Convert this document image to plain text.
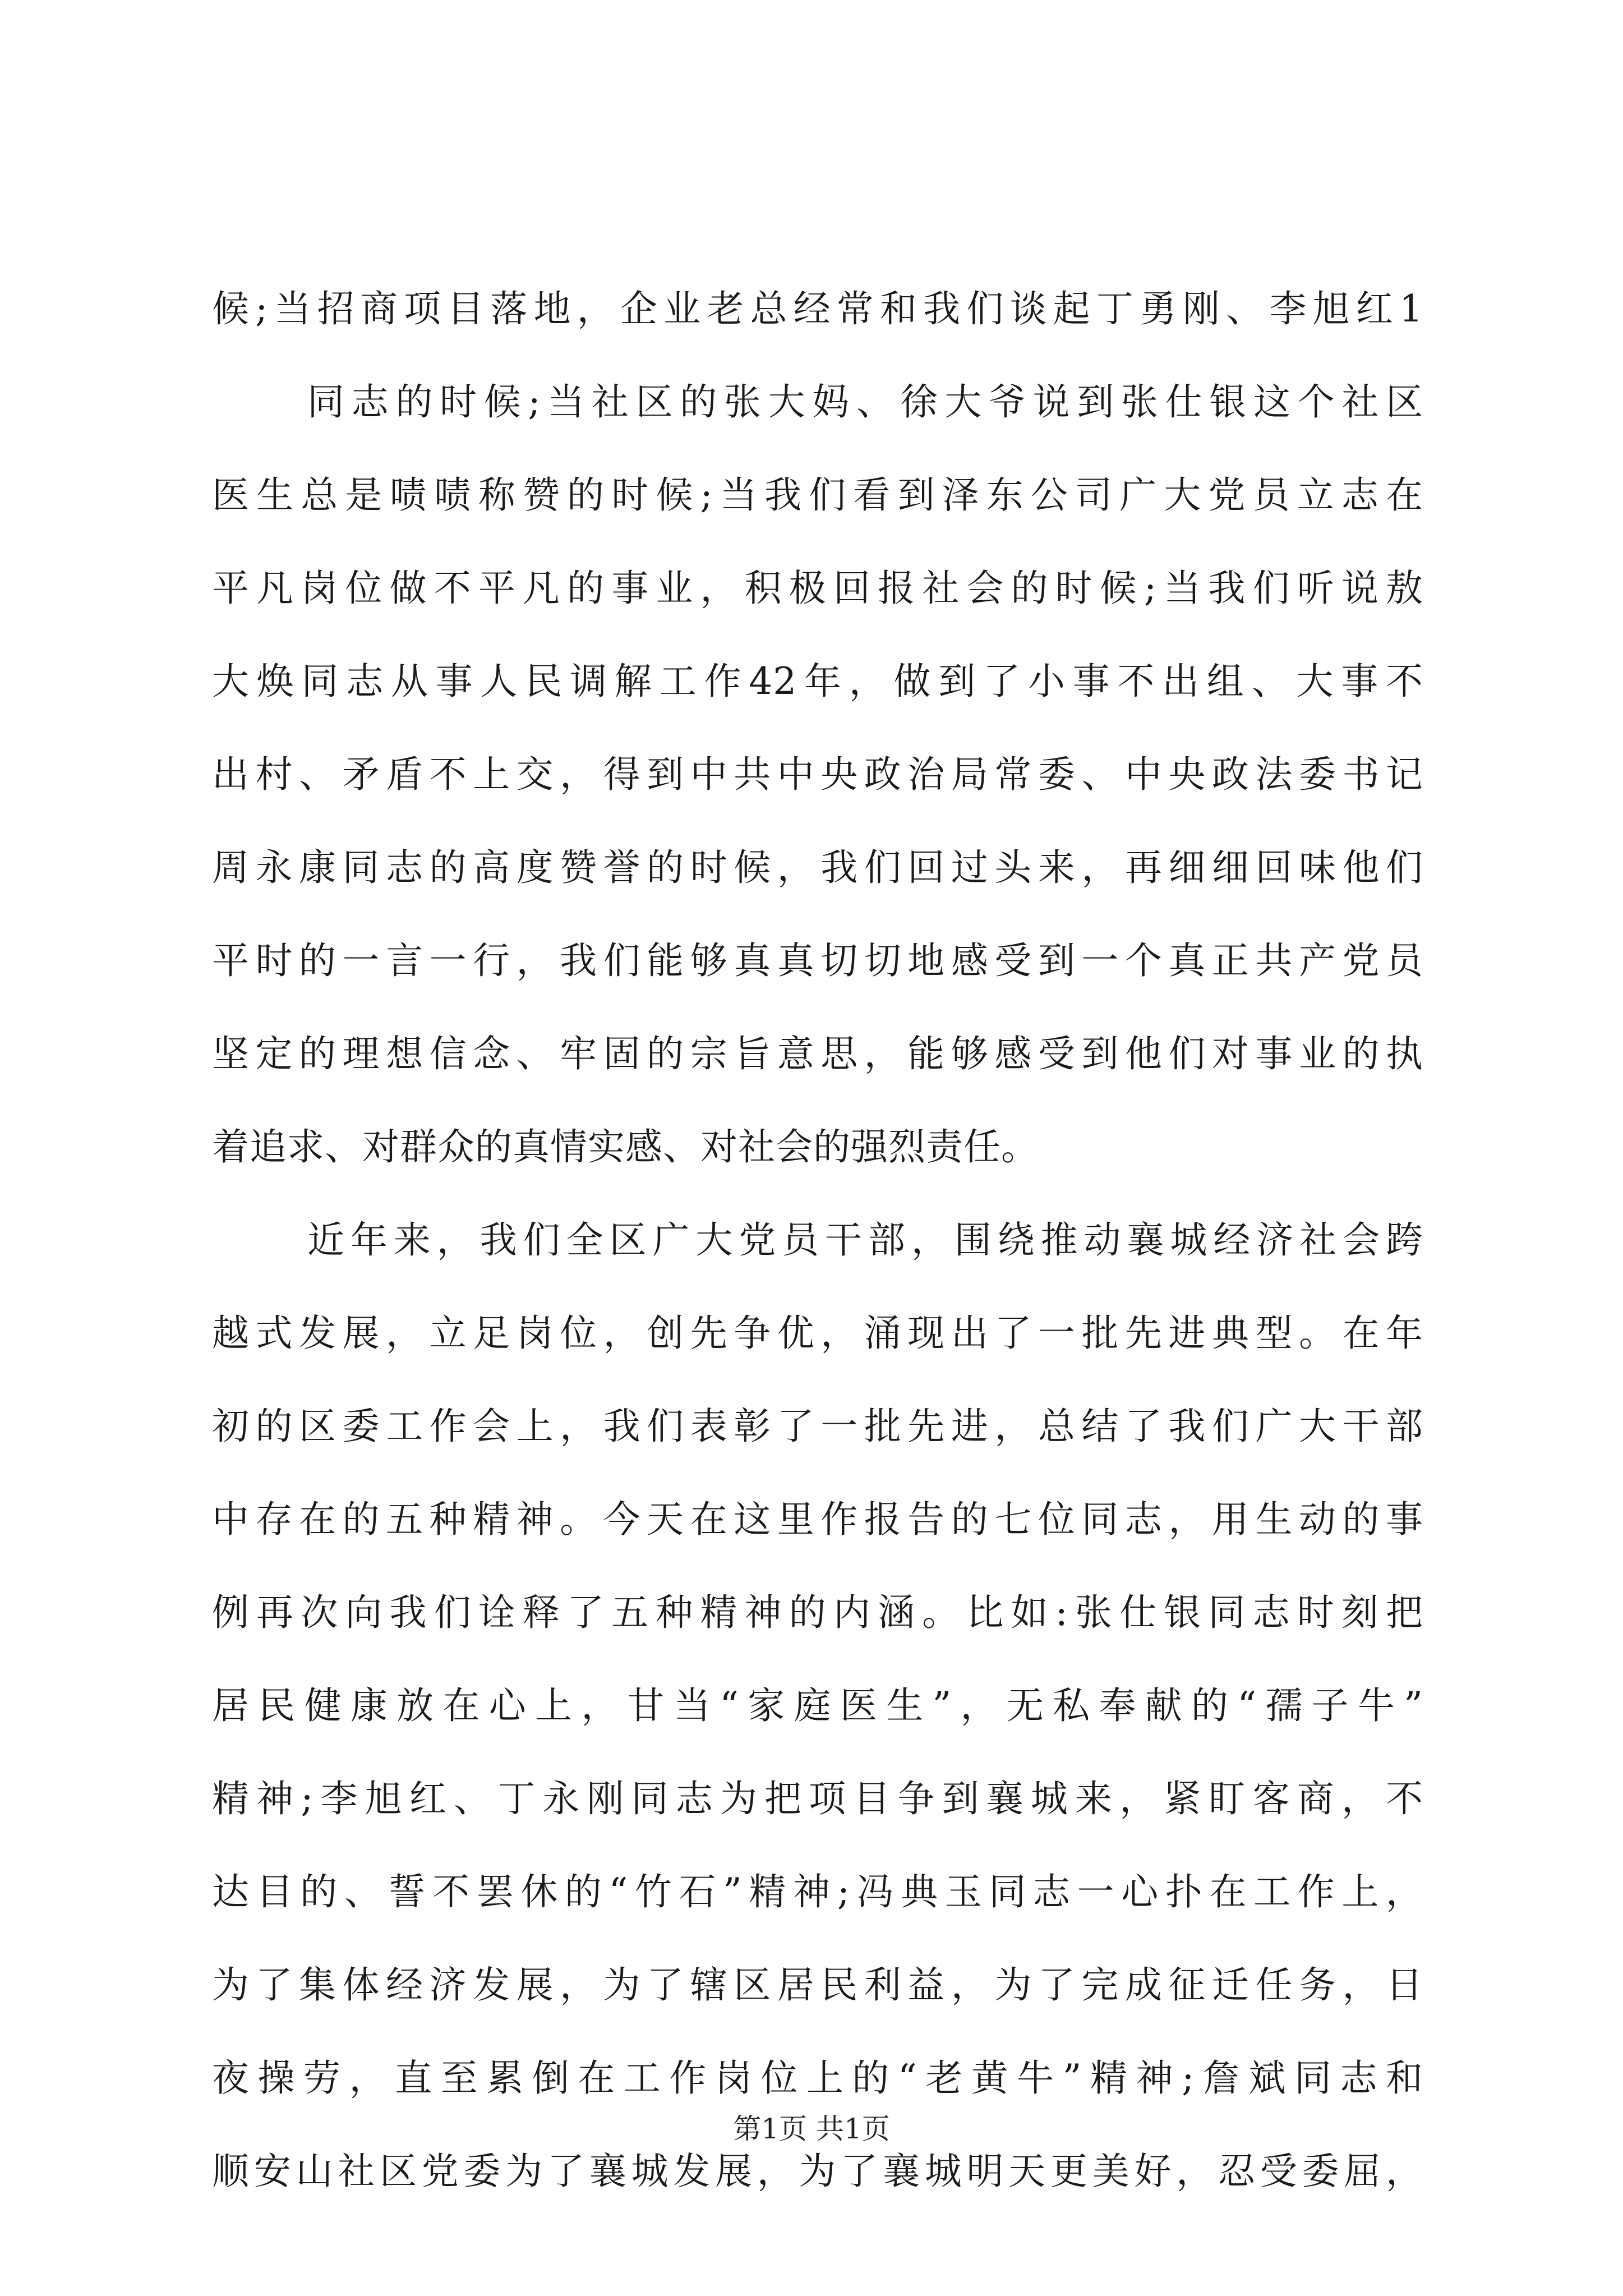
候;当招商项目落地，企业老总经常和我们谈起丁勇刚、李旭红1
同志的时候;当社区的张大妈、徐大爷说到张仕银这个社区
医生总是啧啧称赞的时候;当我们看到泽东公司广大党员立志在
平凡岗位做不平凡的事业，积极回报社会的时候;当我们听说敖
大焕同志从事人民调解工作42年，做到了小事不出组、大事不
出村、矛盾不上交，得到中共中央政治局常委、中央政法委书记
周永康同志的高度赞誉的时候，我们回过头来，再细细回味他们
平时的一言一行，我们能够真真切切地感受到一个真正共产党员
坚定的理想信念、牢固的宗旨意思，能够感受到他们对事业的执
着追求、对群众的真情实感、对社会的强烈责任。
近年来，我们全区广大党员干部，围绕推动襄城经济社会跨
越式发展，立足岗位，创先争优，涌现出了一批先进典型。在年
初的区委工作会上，我们表彰了一批先进，总结了我们广大干部
中存在的五种精神。今天在这里作报告的七位同志，用生动的事
例再次向我们诠释了五种精神的内涵。比如:张仕银同志时刻把
居民健康放在心上，甘当“家庭医生”，无私奉献的“孺子牛”
精神;李旭红、丁永刚同志为把项目争到襄城来，紧盯客商，不
达目的、誓不罢休的“竹石”精神;冯典玉同志一心扑在工作上，
为了集体经济发展，为了辖区居民利益，为了完成征迁任务，日
夜操劳，直至累倒在工作岗位上的“老黄牛”精神;詹斌同志和
顺安山社区党委为了襄城发展，为了襄城明天更美好，忍受委屈，
第1页 共1页
